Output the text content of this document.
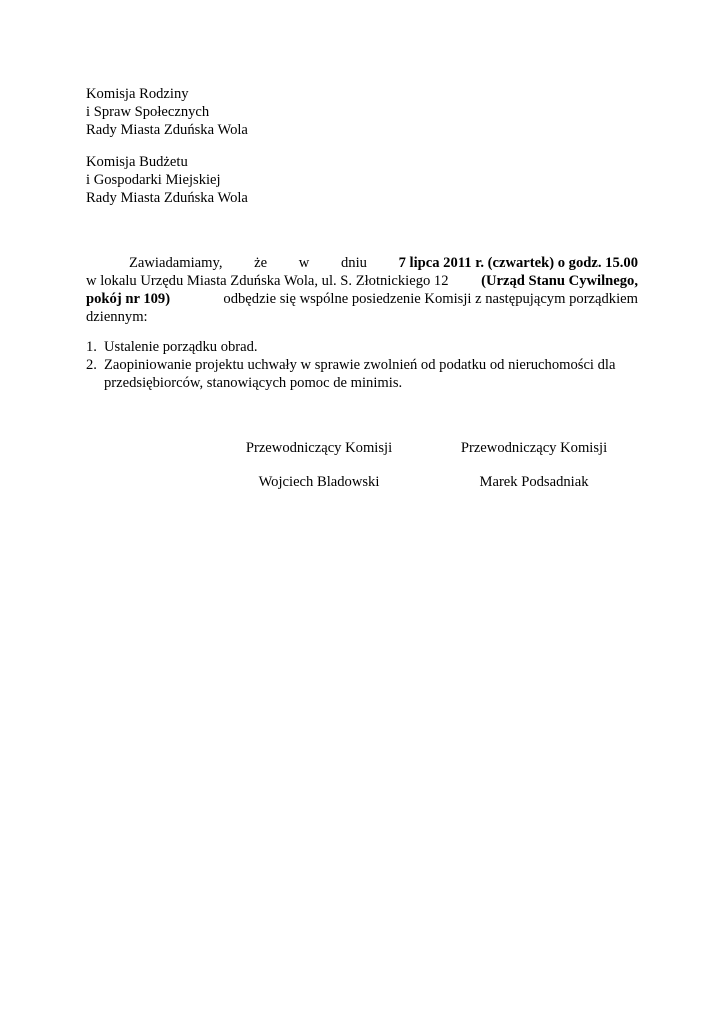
Komisja Rodziny
i Spraw Społecznych
Rady Miasta Zduńska Wola
Komisja Budżetu
i Gospodarki Miejskiej
Rady Miasta Zduńska Wola
Zawiadamiamy, że w dniu 7 lipca 2011 r. (czwartek) o godz. 15.00
w lokalu Urzędu Miasta Zduńska Wola, ul. S. Złotnickiego 12 (Urząd Stanu Cywilnego,
pokój nr 109)	odbędzie się wspólne posiedzenie Komisji z następującym porządkiem
dziennym:
1. Ustalenie porządku obrad.
2. Zaopiniowanie projektu uchwały w sprawie zwolnień od podatku od nieruchomości dla
przedsiębiorców, stanowiących pomoc de minimis.
Przewodniczący Komisji
Wojciech Bladowski
Przewodniczący Komisji
Marek Podsadniak
